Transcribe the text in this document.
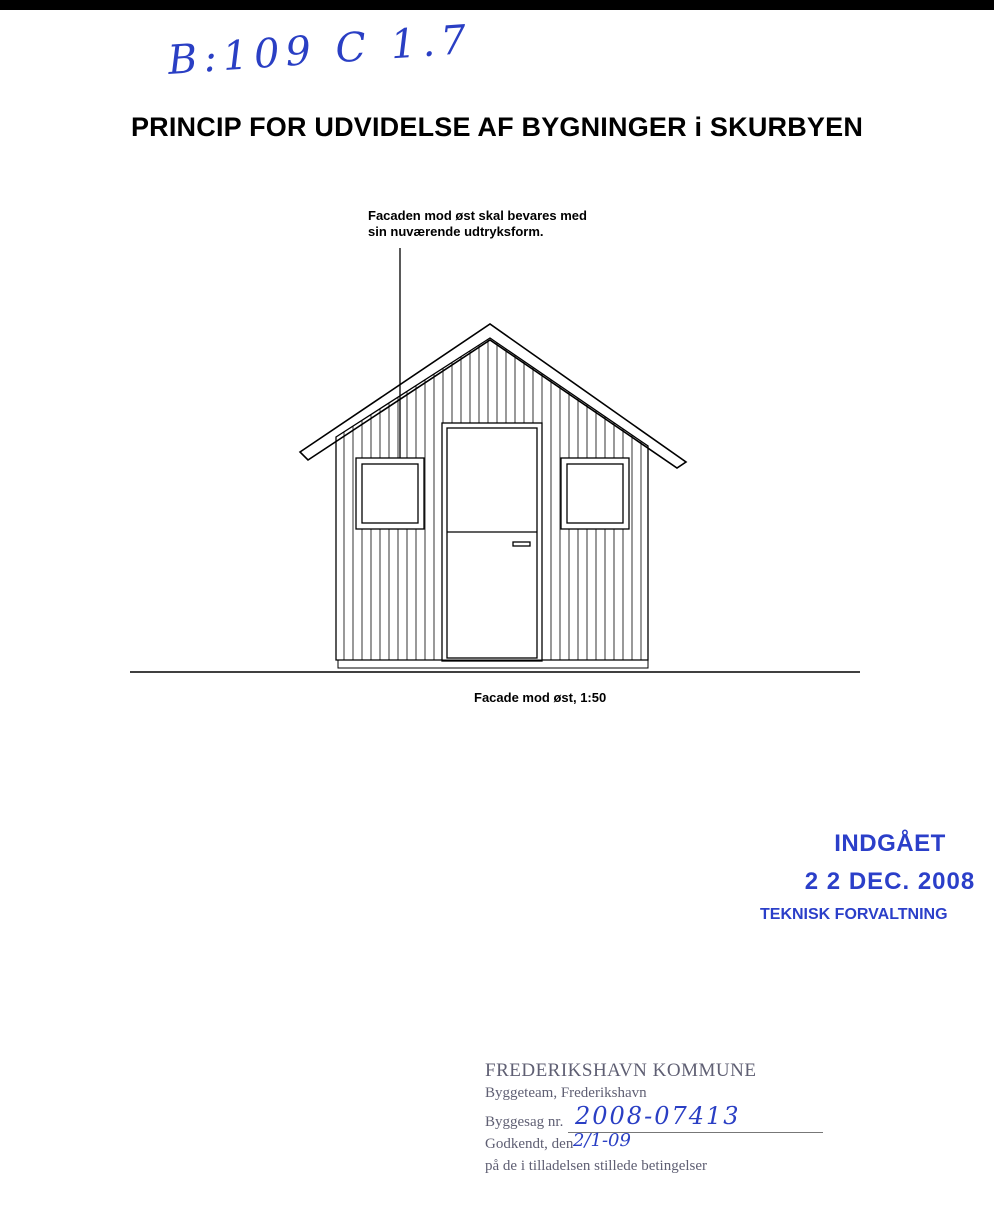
B:109 C 1.7
PRINCIP FOR UDVIDELSE AF BYGNINGER i SKURBYEN
Facaden mod øst skal bevares med
sin nuværende udtryksform.
Facade mod øst, 1:50
INDGÅET
2 2 DEC. 2008
TEKNISK FORVALTNING
FREDERIKSHAVN KOMMUNE
Byggeteam, Frederikshavn
Byggesag nr. 2008-07413
Godkendt, den 2/1-09
på de i tilladelsen stillede betingelser
